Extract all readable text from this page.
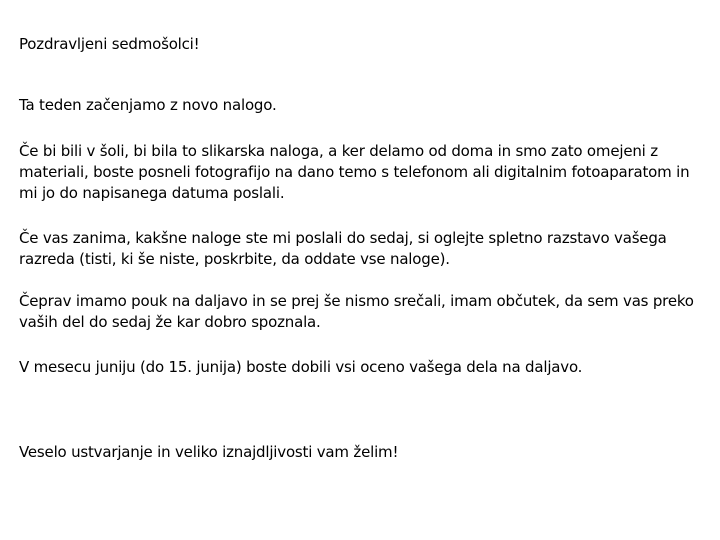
Pozdravljeni sedmošolci!
Ta teden začenjamo z novo nalogo.
Če bi bili v šoli, bi bila to slikarska naloga, a ker delamo od doma in smo zato omejeni z materiali, boste posneli fotografijo na dano temo s telefonom ali digitalnim fotoaparatom in mi jo do napisanega datuma poslali.
Če vas zanima, kakšne naloge ste mi poslali do sedaj, si oglejte spletno razstavo vašega razreda (tisti, ki še niste, poskrbite, da oddate vse naloge).
Čeprav imamo pouk na daljavo in se prej še nismo srečali, imam občutek, da sem vas preko vaših del do sedaj že kar dobro spoznala.
V mesecu juniju (do 15. junija) boste dobili vsi oceno vašega dela na daljavo.
Veselo ustvarjanje in veliko iznajdljivosti vam želim!
